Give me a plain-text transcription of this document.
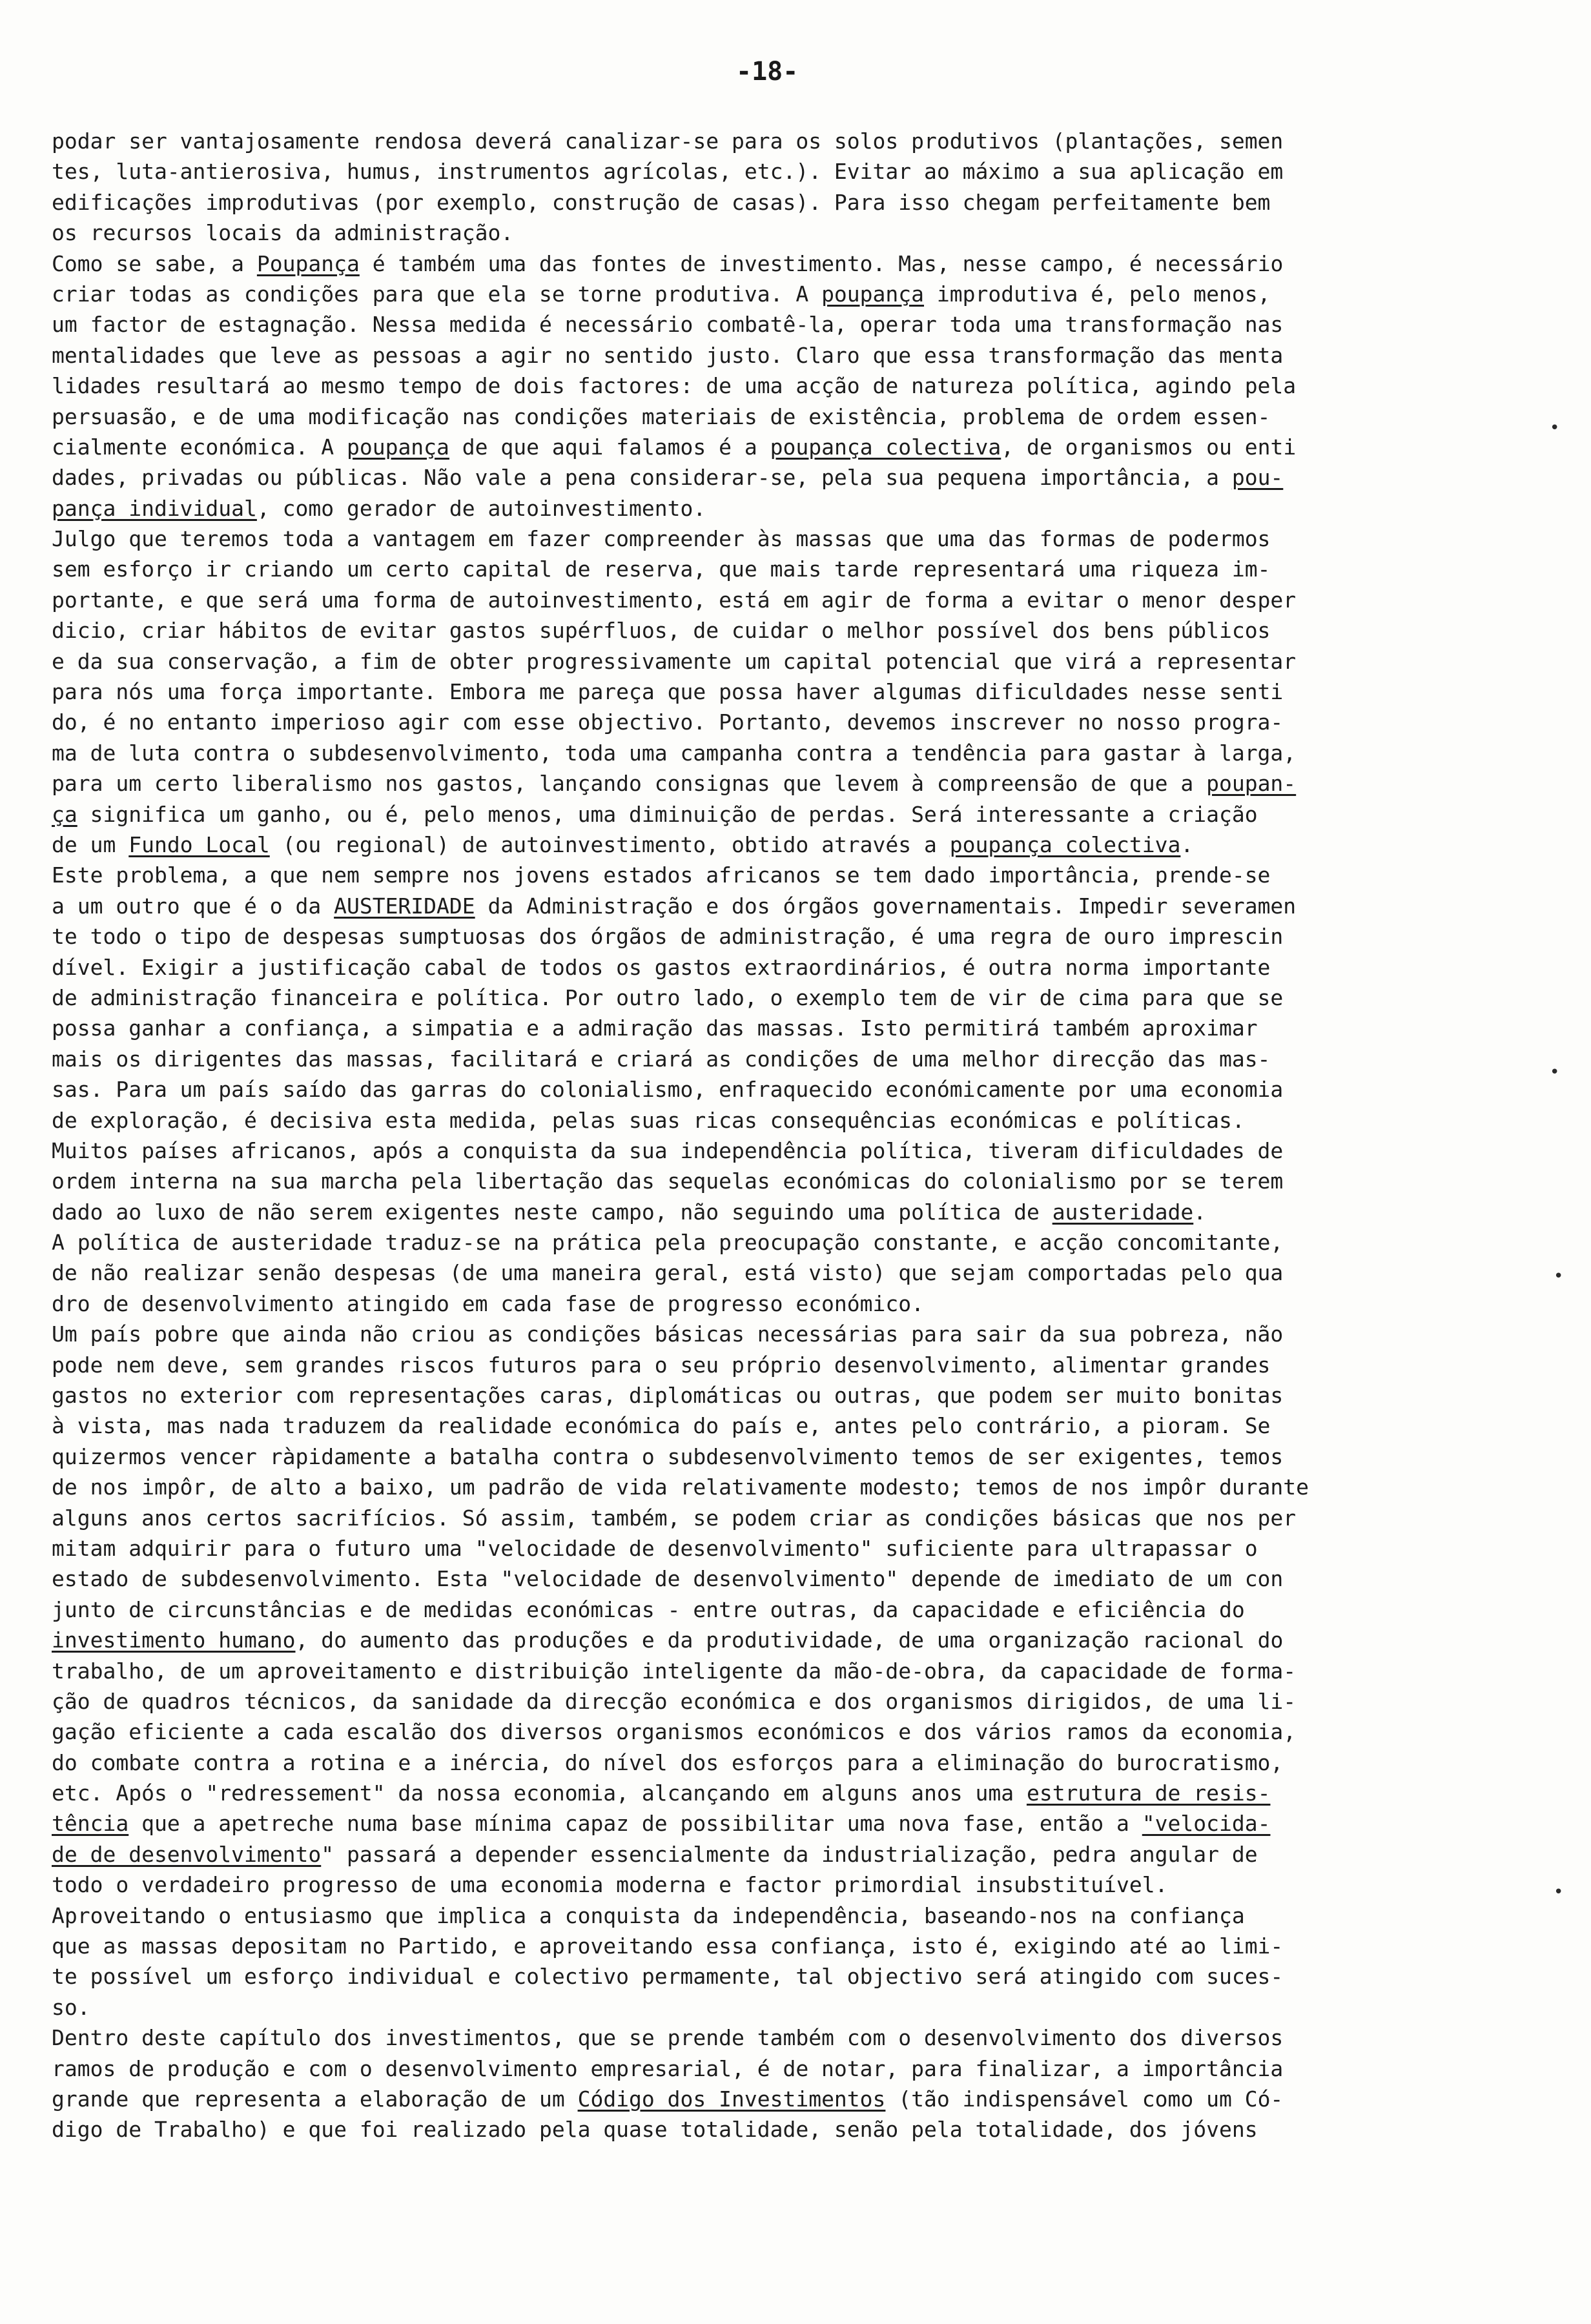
-18-
podar ser vantajosamente rendosa deverá canalizar-se para os solos produtivos (plantações, semen
tes, luta-antierosiva, humus, instrumentos agrícolas, etc.). Evitar ao máximo a sua aplicação em
edificações improdutivas (por exemplo, construção de casas). Para isso chegam perfeitamente bem
os recursos locais da administração.
Como se sabe, a Poupança é também uma das fontes de investimento. Mas, nesse campo, é necessário
criar todas as condições para que ela se torne produtiva. A poupança improdutiva é, pelo menos,
um factor de estagnação. Nessa medida é necessário combatê-la, operar toda uma transformação nas
mentalidades que leve as pessoas a agir no sentido justo. Claro que essa transformação das menta
lidades resultará ao mesmo tempo de dois factores: de uma acção de natureza política, agindo pela
persuasão, e de uma modificação nas condições materiais de existência, problema de ordem essen-
cialmente económica. A poupança de que aqui falamos é a poupança colectiva, de organismos ou enti
dades, privadas ou públicas. Não vale a pena considerar-se, pela sua pequena importância, a pou-
pança individual, como gerador de autoinvestimento.
Julgo que teremos toda a vantagem em fazer compreender às massas que uma das formas de podermos
sem esforço ir criando um certo capital de reserva, que mais tarde representará uma riqueza im-
portante, e que será uma forma de autoinvestimento, está em agir de forma a evitar o menor desper
dicio, criar hábitos de evitar gastos supérfluos, de cuidar o melhor possível dos bens públicos
e da sua conservação, a fim de obter progressivamente um capital potencial que virá a representar
para nós uma força importante. Embora me pareça que possa haver algumas dificuldades nesse senti
do, é no entanto imperioso agir com esse objectivo. Portanto, devemos inscrever no nosso progra-
ma de luta contra o subdesenvolvimento, toda uma campanha contra a tendência para gastar à larga,
para um certo liberalismo nos gastos, lançando consignas que levem à compreensão de que a poupan-
ça significa um ganho, ou é, pelo menos, uma diminuição de perdas. Será interessante a criação
de um Fundo Local (ou regional) de autoinvestimento, obtido através a poupança colectiva.
Este problema, a que nem sempre nos jovens estados africanos se tem dado importância, prende-se
a um outro que é o da AUSTERIDADE da Administração e dos órgãos governamentais. Impedir severamen
te todo o tipo de despesas sumptuosas dos órgãos de administração, é uma regra de ouro imprescin
dível. Exigir a justificação cabal de todos os gastos extraordinários, é outra norma importante
de administração financeira e política. Por outro lado, o exemplo tem de vir de cima para que se
possa ganhar a confiança, a simpatia e a admiração das massas. Isto permitirá também aproximar
mais os dirigentes das massas, facilitará e criará as condições de uma melhor direcção das mas-
sas. Para um país saído das garras do colonialismo, enfraquecido económicamente por uma economia
de exploração, é decisiva esta medida, pelas suas ricas consequências económicas e políticas.
Muitos países africanos, após a conquista da sua independência política, tiveram dificuldades de
ordem interna na sua marcha pela libertação das sequelas económicas do colonialismo por se terem
dado ao luxo de não serem exigentes neste campo, não seguindo uma política de austeridade.
A política de austeridade traduz-se na prática pela preocupação constante, e acção concomitante,
de não realizar senão despesas (de uma maneira geral, está visto) que sejam comportadas pelo qua
dro de desenvolvimento atingido em cada fase de progresso económico.
Um país pobre que ainda não criou as condições básicas necessárias para sair da sua pobreza, não
pode nem deve, sem grandes riscos futuros para o seu próprio desenvolvimento, alimentar grandes
gastos no exterior com representações caras, diplomáticas ou outras, que podem ser muito bonitas
à vista, mas nada traduzem da realidade económica do país e, antes pelo contrário, a pioram. Se
quizermos vencer ràpidamente a batalha contra o subdesenvolvimento temos de ser exigentes, temos
de nos impôr, de alto a baixo, um padrão de vida relativamente modesto; temos de nos impôr durante
alguns anos certos sacrifícios. Só assim, também, se podem criar as condições básicas que nos per
mitam adquirir para o futuro uma "velocidade de desenvolvimento" suficiente para ultrapassar o
estado de subdesenvolvimento. Esta "velocidade de desenvolvimento" depende de imediato de um con
junto de circunstâncias e de medidas económicas - entre outras, da capacidade e eficiência do
investimento humano, do aumento das produções e da produtividade, de uma organização racional do
trabalho, de um aproveitamento e distribuição inteligente da mão-de-obra, da capacidade de forma-
ção de quadros técnicos, da sanidade da direcção económica e dos organismos dirigidos, de uma li-
gação eficiente a cada escalão dos diversos organismos económicos e dos vários ramos da economia,
do combate contra a rotina e a inércia, do nível dos esforços para a eliminação do burocratismo,
etc. Após o "redressement" da nossa economia, alcançando em alguns anos uma estrutura de resis-
tência que a apetreche numa base mínima capaz de possibilitar uma nova fase, então a "velocida-
de de desenvolvimento" passará a depender essencialmente da industrialização, pedra angular de
todo o verdadeiro progresso de uma economia moderna e factor primordial insubstituível.
Aproveitando o entusiasmo que implica a conquista da independência, baseando-nos na confiança
que as massas depositam no Partido, e aproveitando essa confiança, isto é, exigindo até ao limi-
te possível um esforço individual e colectivo permamente, tal objectivo será atingido com suces-
so.
Dentro deste capítulo dos investimentos, que se prende também com o desenvolvimento dos diversos
ramos de produção e com o desenvolvimento empresarial, é de notar, para finalizar, a importância
grande que representa a elaboração de um Código dos Investimentos (tão indispensável como um Có-
digo de Trabalho) e que foi realizado pela quase totalidade, senão pela totalidade, dos jóvens
•
•
•
•
